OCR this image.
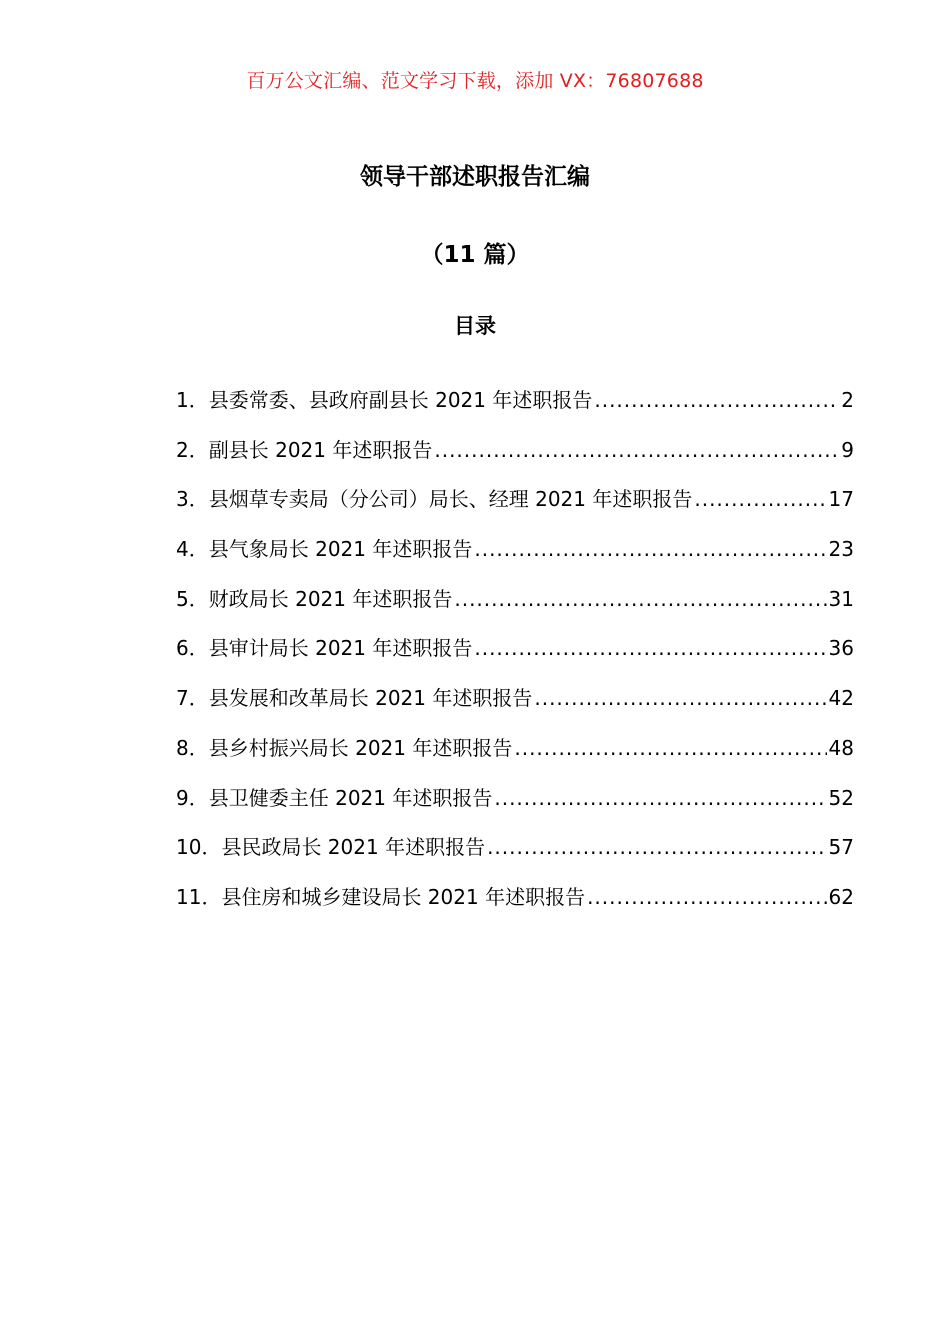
百万公文汇编、范文学习下载，添加 VX：76807688
领导干部述职报告汇编
（11 篇）
目录
1． 县委常委、县政府副县长 2021 年述职报告 .....	2
2． 副县长 2021 年述职报告 .....	9
3． 县烟草专卖局（分公司）局长、经理 2021 年述职报告 .....	17
4． 县气象局长 2021 年述职报告 .....	23
5． 财政局长 2021 年述职报告 .....	31
6． 县审计局长 2021 年述职报告 .....	36
7． 县发展和改革局长 2021 年述职报告 .....	42
8． 县乡村振兴局长 2021 年述职报告 .....	48
9． 县卫健委主任 2021 年述职报告 .....	52
10． 县民政局长 2021 年述职报告 .....	57
11． 县住房和城乡建设局长 2021 年述职报告 .....	62
